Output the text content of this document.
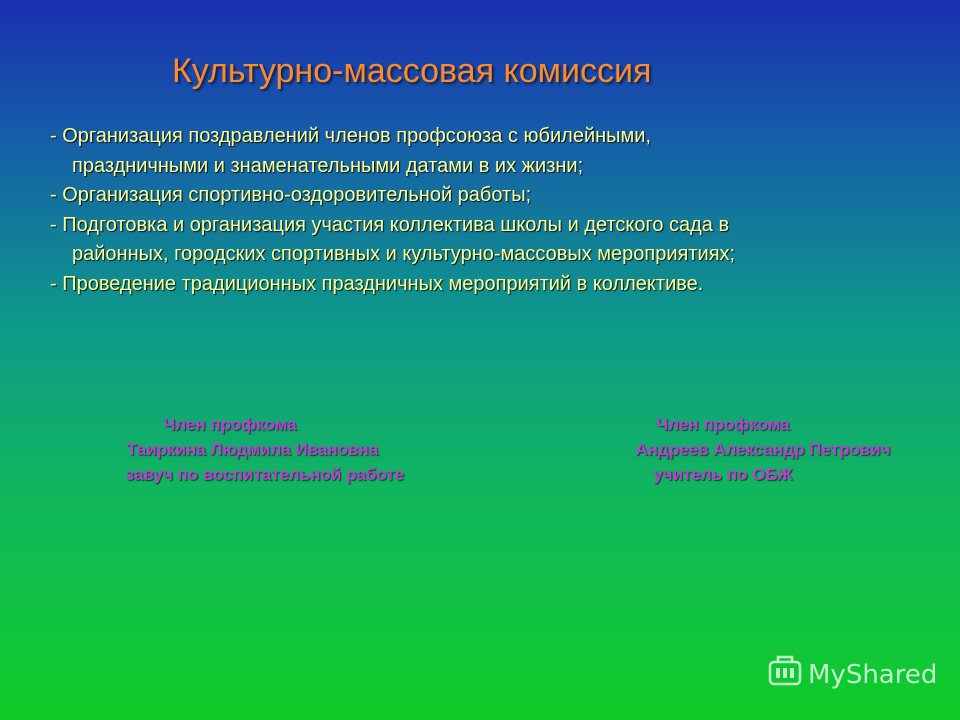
Культурно-массовая комиссия
- Организация поздравлений членов профсоюза с юбилейными,
праздничными и знаменательными датами в их жизни;
- Организация спортивно-оздоровительной работы;
- Подготовка и организация участия коллектива школы и детского сада в
районных, городских спортивных и культурно-массовых мероприятиях;
- Проведение традиционных праздничных мероприятий в коллективе.
Член профкома
Таиркина Людмила Ивановна
завуч по воспитательной работе
Член профкома
Андреев Александр Петрович
учитель по ОБЖ
MyShared
